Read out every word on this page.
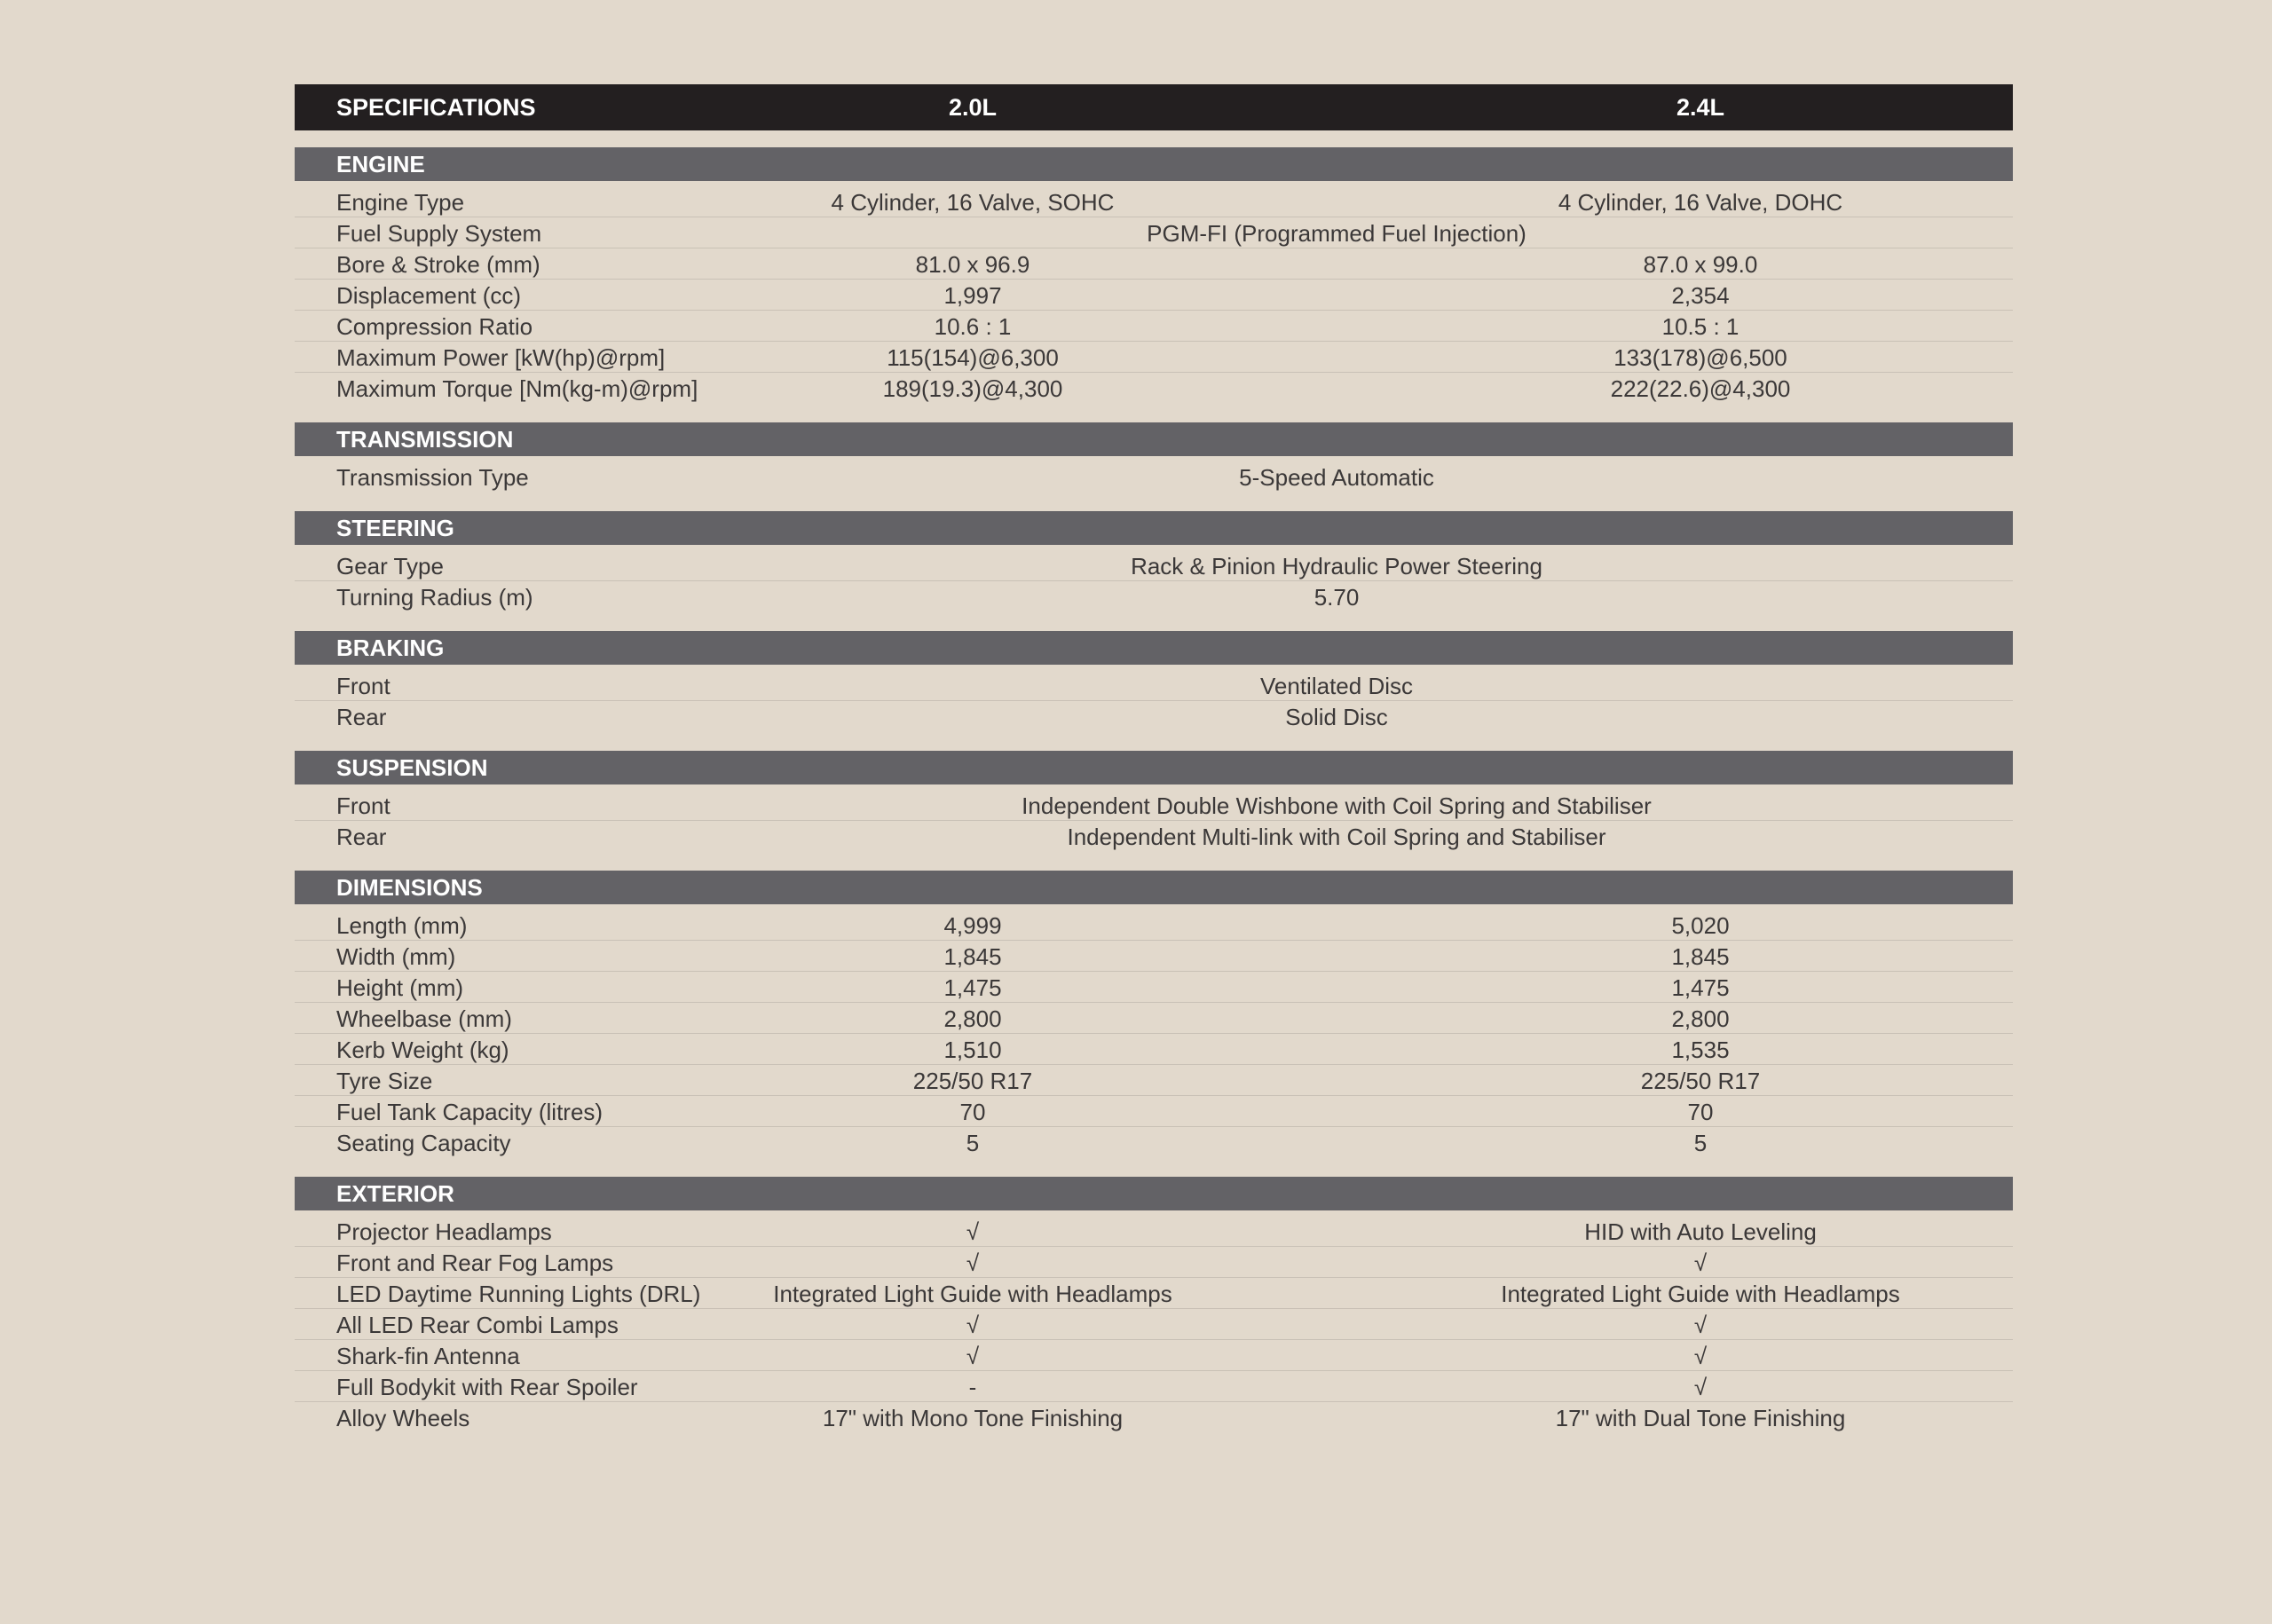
SPECIFICATIONS	2.0L	2.4L
ENGINE
Engine Type	4 Cylinder, 16 Valve, SOHC	4 Cylinder, 16 Valve, DOHC
Fuel Supply System	PGM-FI (Programmed Fuel Injection)
Bore & Stroke (mm)	81.0 x 96.9	87.0 x 99.0
Displacement (cc)	1,997	2,354
Compression Ratio	10.6 : 1	10.5 : 1
Maximum Power [kW(hp)@rpm]	115(154)@6,300	133(178)@6,500
Maximum Torque [Nm(kg-m)@rpm]	189(19.3)@4,300	222(22.6)@4,300
TRANSMISSION
Transmission Type	5-Speed Automatic
STEERING
Gear Type	Rack & Pinion Hydraulic Power Steering
Turning Radius (m)	5.70
BRAKING
Front	Ventilated Disc
Rear	Solid Disc
SUSPENSION
Front	Independent Double Wishbone with Coil Spring and Stabiliser
Rear	Independent Multi-link with Coil Spring and Stabiliser
DIMENSIONS
Length (mm)	4,999	5,020
Width (mm)	1,845	1,845
Height (mm)	1,475	1,475
Wheelbase (mm)	2,800	2,800
Kerb Weight (kg)	1,510	1,535
Tyre Size	225/50 R17	225/50 R17
Fuel Tank Capacity (litres)	70	70
Seating Capacity	5	5
EXTERIOR
Projector Headlamps	√	HID with Auto Leveling
Front and Rear Fog Lamps	√	√
LED Daytime Running Lights (DRL)	Integrated Light Guide with Headlamps	Integrated Light Guide with Headlamps
All LED Rear Combi Lamps	√	√
Shark-fin Antenna	√	√
Full Bodykit with Rear Spoiler	-	√
Alloy Wheels	17" with Mono Tone Finishing	17" with Dual Tone Finishing
